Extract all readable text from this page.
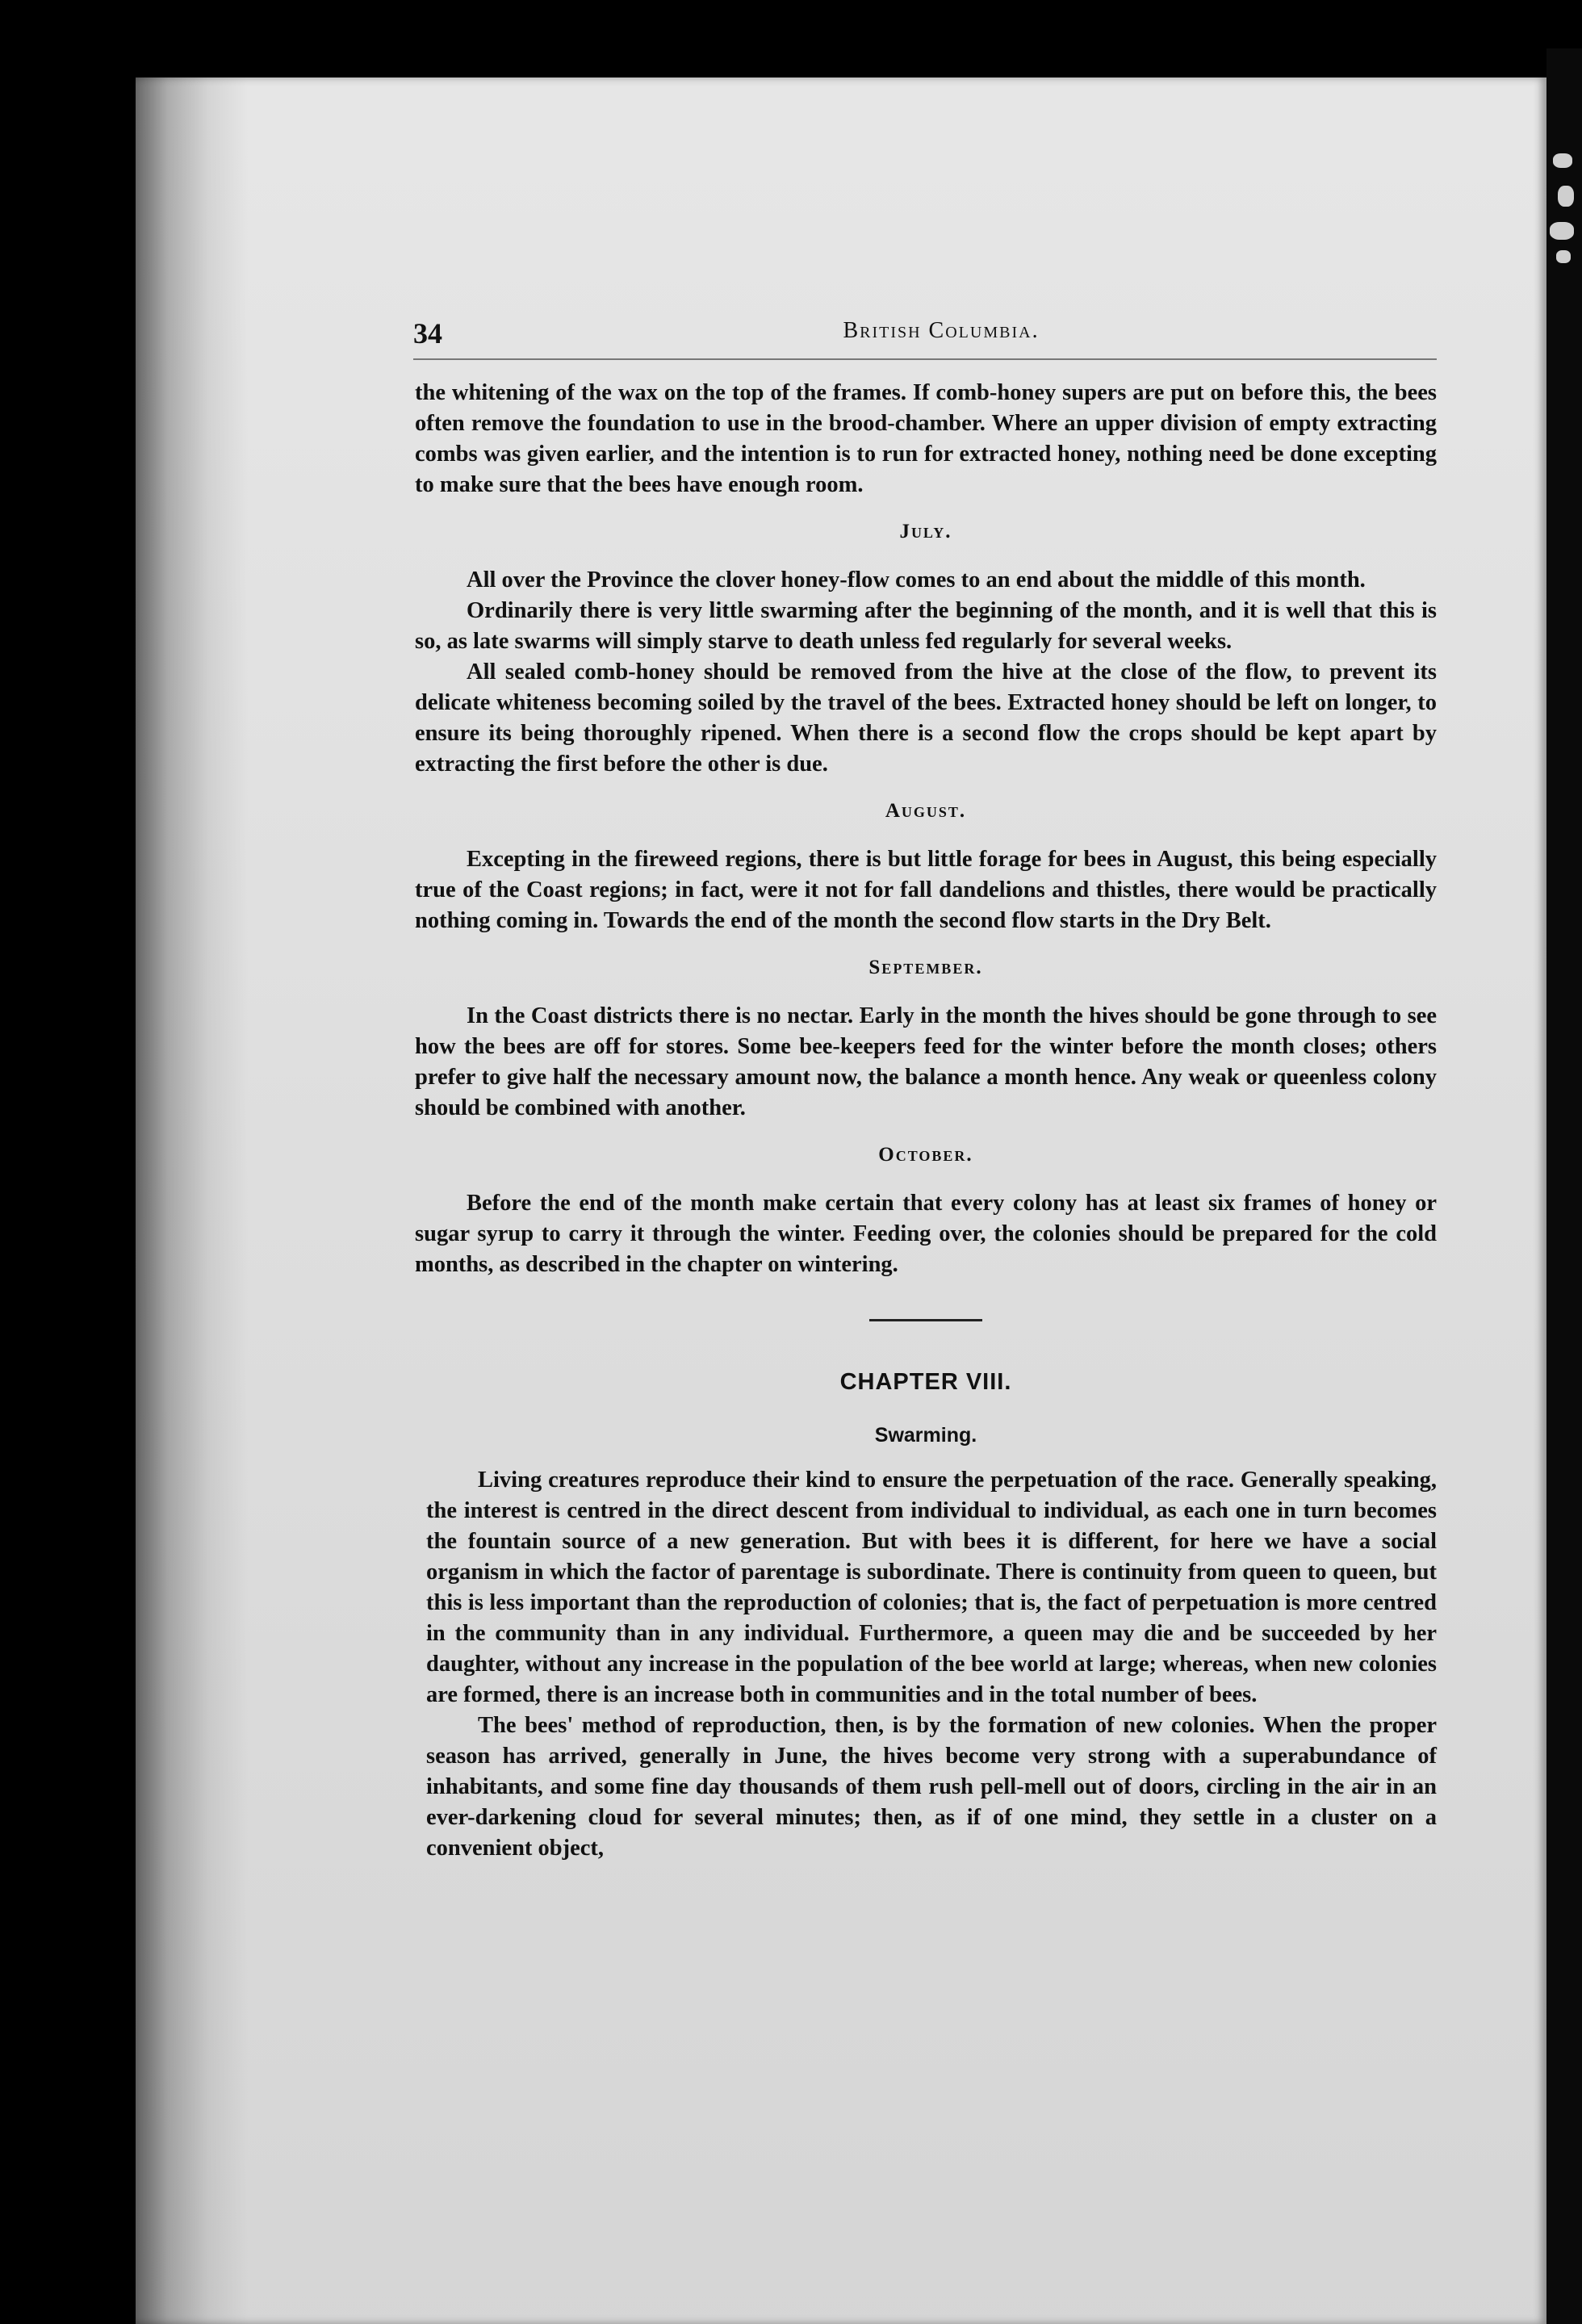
34	British Columbia.

the whitening of the wax on the top of the frames. If comb-honey supers are put on before this, the bees often remove the foundation to use in the brood-chamber. Where an upper division of empty extracting combs was given earlier, and the intention is to run for extracted honey, nothing need be done excepting to make sure that the bees have enough room.

July.

All over the Province the clover honey-flow comes to an end about the middle of this month.

Ordinarily there is very little swarming after the beginning of the month, and it is well that this is so, as late swarms will simply starve to death unless fed regularly for several weeks.

All sealed comb-honey should be removed from the hive at the close of the flow, to prevent its delicate whiteness becoming soiled by the travel of the bees. Extracted honey should be left on longer, to ensure its being thoroughly ripened. When there is a second flow the crops should be kept apart by extracting the first before the other is due.

August.

Excepting in the fireweed regions, there is but little forage for bees in August, this being especially true of the Coast regions; in fact, were it not for fall dandelions and thistles, there would be practically nothing coming in. Towards the end of the month the second flow starts in the Dry Belt.

September.

In the Coast districts there is no nectar. Early in the month the hives should be gone through to see how the bees are off for stores. Some bee-keepers feed for the winter before the month closes; others prefer to give half the necessary amount now, the balance a month hence. Any weak or queenless colony should be combined with another.

October.

Before the end of the month make certain that every colony has at least six frames of honey or sugar syrup to carry it through the winter. Feeding over, the colonies should be prepared for the cold months, as described in the chapter on wintering.

CHAPTER VIII.
Swarming.

Living creatures reproduce their kind to ensure the perpetuation of the race. Generally speaking, the interest is centred in the direct descent from individual to individual, as each one in turn becomes the fountain source of a new generation. But with bees it is different, for here we have a social organism in which the factor of parentage is subordinate. There is continuity from queen to queen, but this is less important than the reproduction of colonies; that is, the fact of perpetuation is more centred in the community than in any individual. Furthermore, a queen may die and be succeeded by her daughter, without any increase in the population of the bee world at large; whereas, when new colonies are formed, there is an increase both in communities and in the total number of bees.

The bees' method of reproduction, then, is by the formation of new colonies. When the proper season has arrived, generally in June, the hives become very strong with a superabundance of inhabitants, and some fine day thousands of them rush pell-mell out of doors, circling in the air in an ever-darkening cloud for several minutes; then, as if of one mind, they settle in a cluster on a convenient object,
